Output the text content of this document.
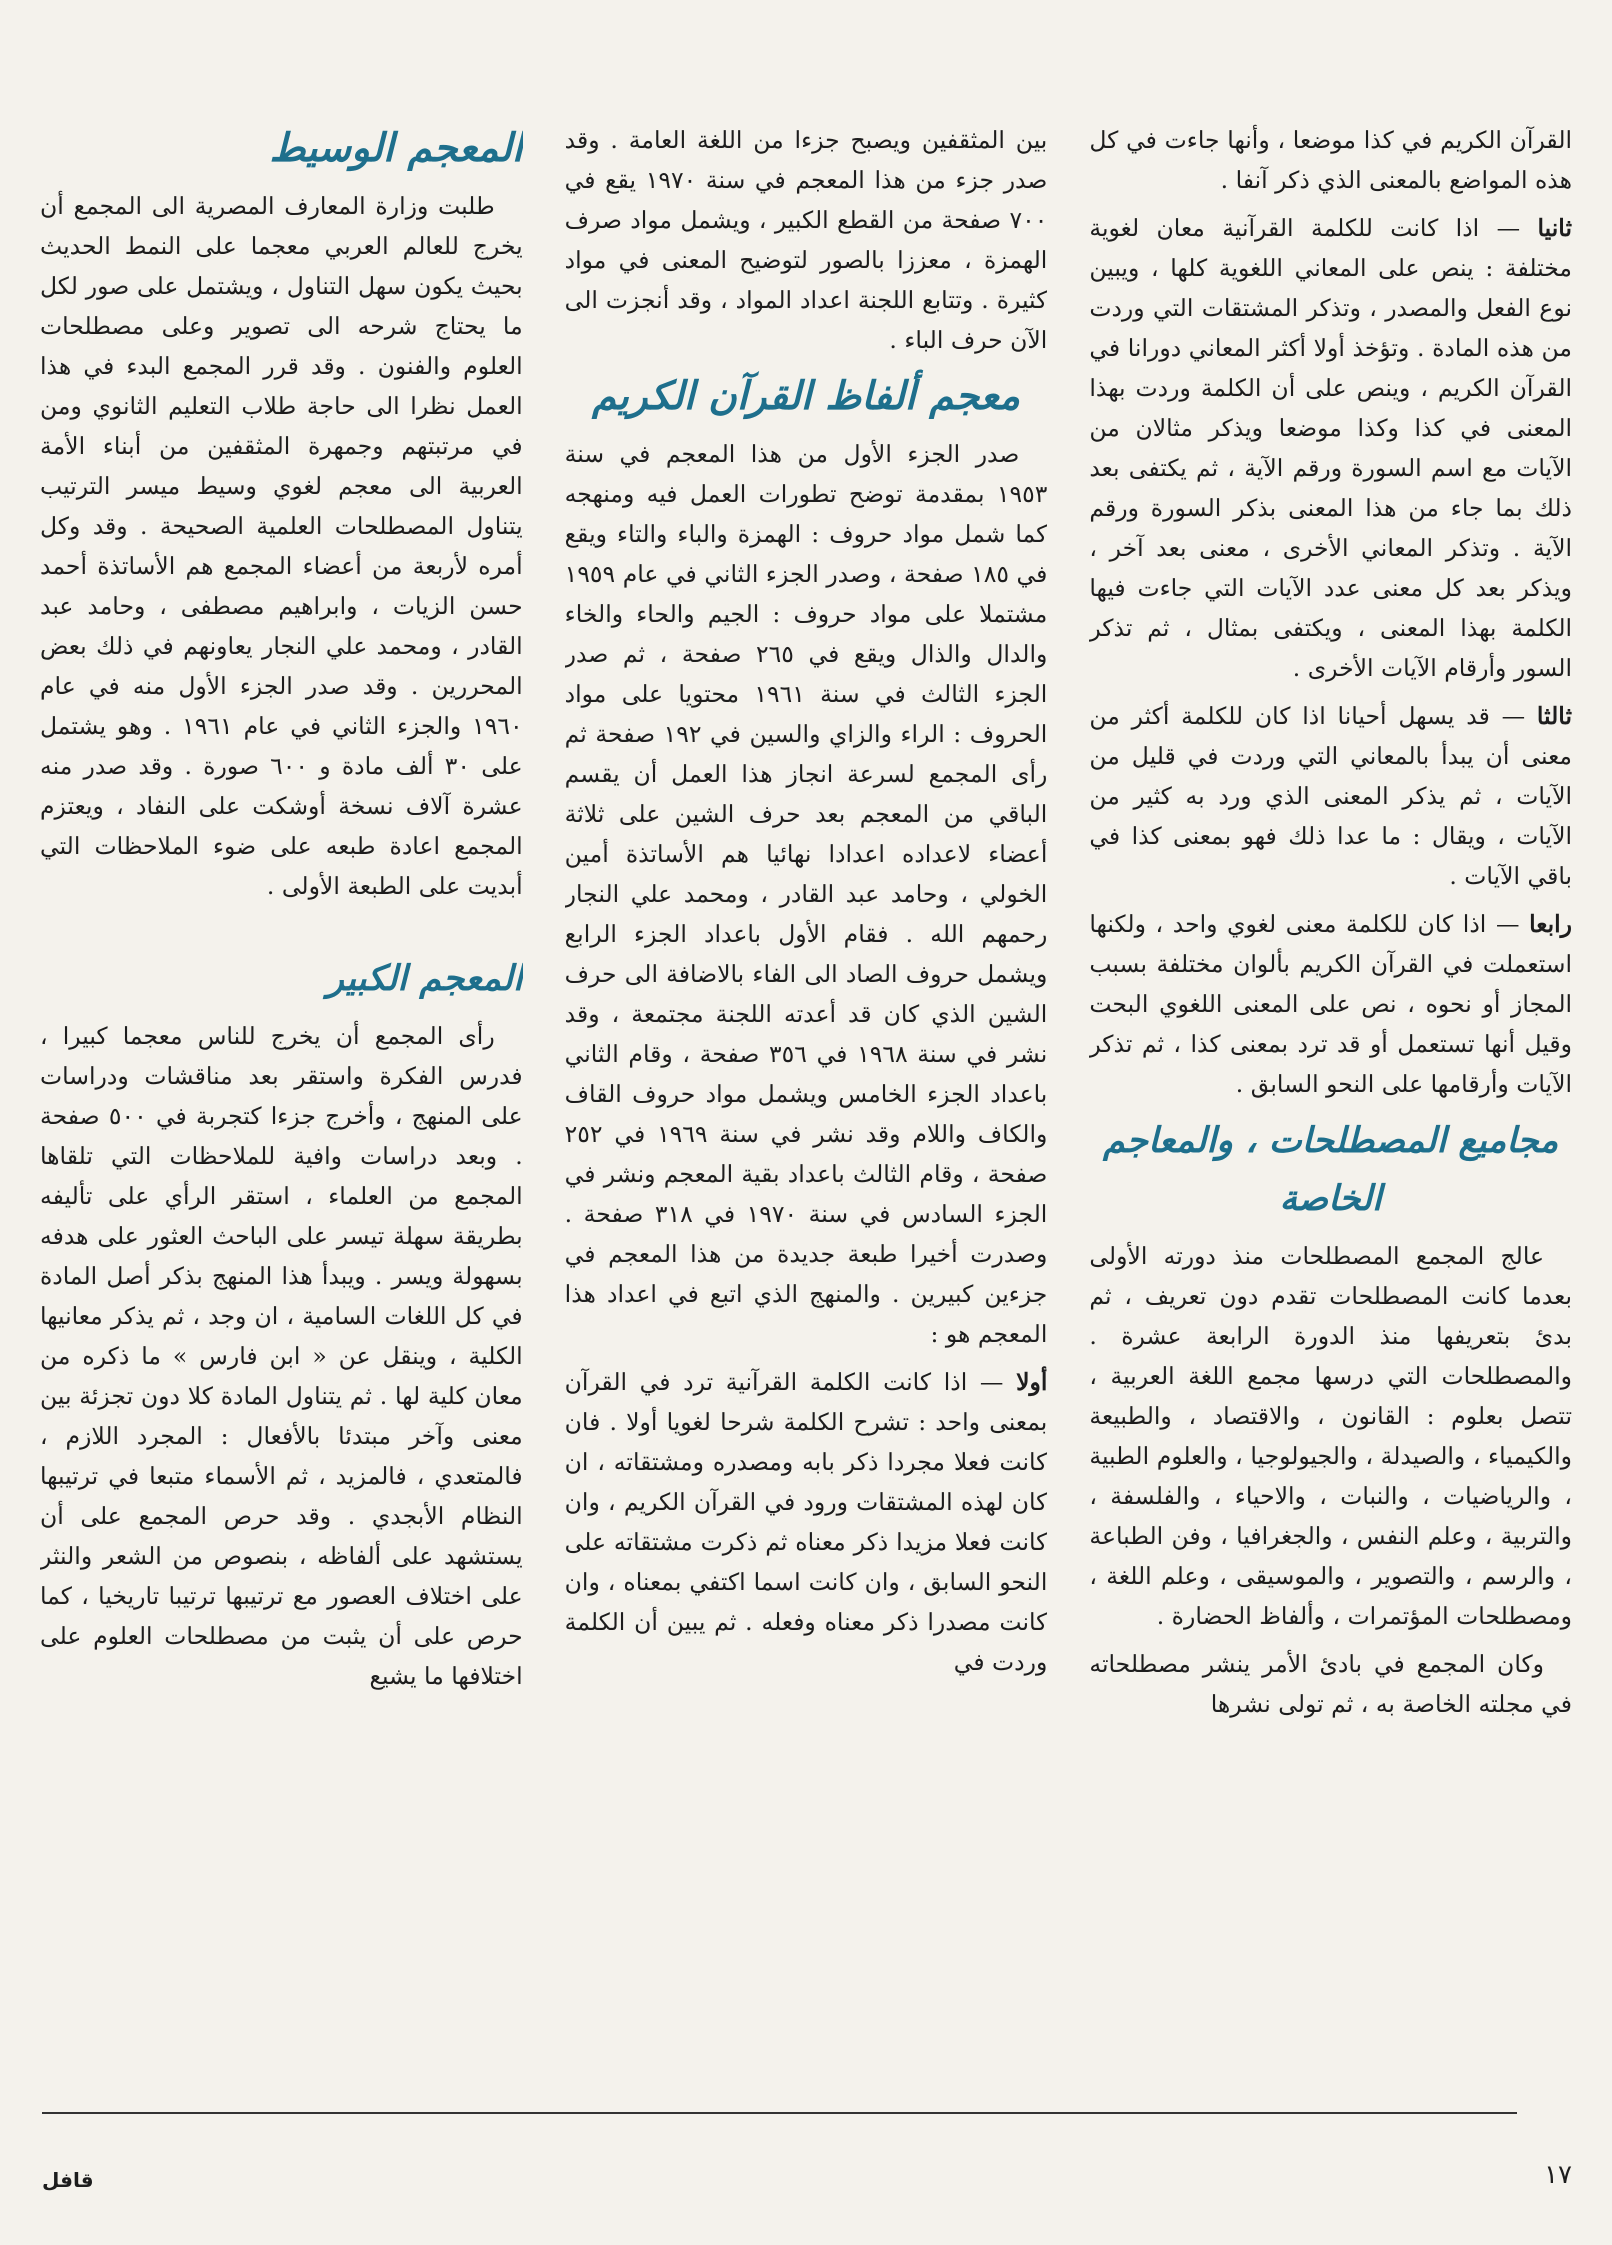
المعجم الوسيط

طلبت وزارة المعارف المصرية الى المجمع أن يخرج للعالم العربي معجما على النمط الحديث بحيث يكون سهل التناول ، ويشتمل على صور لكل ما يحتاج شرحه الى تصوير وعلى مصطلحات العلوم والفنون . وقد قرر المجمع البدء في هذا العمل نظرا الى حاجة طلاب التعليم الثانوي ومن في مرتبتهم وجمهرة المثقفين من أبناء الأمة العربية الى معجم لغوي وسيط ميسر الترتيب يتناول المصطلحات العلمية الصحيحة . وقد وكل أمره لأربعة من أعضاء المجمع هم الأساتذة أحمد حسن الزيات ، وابراهيم مصطفى ، وحامد عبد القادر ، ومحمد علي النجار يعاونهم في ذلك بعض المحررين . وقد صدر الجزء الأول منه في عام ١٩٦٠ والجزء الثاني في عام ١٩٦١ . وهو يشتمل على ٣٠ ألف مادة و ٦٠٠ صورة . وقد صدر منه عشرة آلاف نسخة أوشكت على النفاد ، ويعتزم المجمع اعادة طبعه على ضوء الملاحظات التي أبديت على الطبعة الأولى .

المعجم الكبير

رأى المجمع أن يخرج للناس معجما كبيرا ، فدرس الفكرة واستقر بعد مناقشات ودراسات على المنهج ، وأخرج جزءا كتجربة في ٥٠٠ صفحة . وبعد دراسات وافية للملاحظات التي تلقاها المجمع من العلماء ، استقر الرأي على تأليفه بطريقة سهلة تيسر على الباحث العثور على هدفه بسهولة ويسر . ويبدأ هذا المنهج بذكر أصل المادة في كل اللغات السامية ، ان وجد ، ثم يذكر معانيها الكلية ، وينقل عن « ابن فارس » ما ذكره من معان كلية لها . ثم يتناول المادة كلا دون تجزئة بين معنى وآخر مبتدئا بالأفعال : المجرد اللازم ، فالمتعدي ، فالمزيد ، ثم الأسماء متبعا في ترتيبها النظام الأبجدي . وقد حرص المجمع على أن يستشهد على ألفاظه ، بنصوص من الشعر والنثر على اختلاف العصور مع ترتيبها ترتيبا تاريخيا ، كما حرص على أن يثبت من مصطلحات العلوم على اختلافها ما يشيع

بين المثقفين ويصبح جزءا من اللغة العامة . وقد صدر جزء من هذا المعجم في سنة ١٩٧٠ يقع في ٧٠٠ صفحة من القطع الكبير ، ويشمل مواد صرف الهمزة ، معززا بالصور لتوضيح المعنى في مواد كثيرة . وتتابع اللجنة اعداد المواد ، وقد أنجزت الى الآن حرف الباء .

معجم ألفاظ القرآن الكريم

صدر الجزء الأول من هذا المعجم في سنة ١٩٥٣ بمقدمة توضح تطورات العمل فيه ومنهجه كما شمل مواد حروف : الهمزة والباء والتاء ويقع في ١٨٥ صفحة ، وصدر الجزء الثاني في عام ١٩٥٩ مشتملا على مواد حروف : الجيم والحاء والخاء والدال والذال ويقع في ٢٦٥ صفحة ، ثم صدر الجزء الثالث في سنة ١٩٦١ محتويا على مواد الحروف : الراء والزاي والسين في ١٩٢ صفحة ثم رأى المجمع لسرعة انجاز هذا العمل أن يقسم الباقي من المعجم بعد حرف الشين على ثلاثة أعضاء لاعداده اعدادا نهائيا هم الأساتذة أمين الخولي ، وحامد عبد القادر ، ومحمد علي النجار رحمهم الله . فقام الأول باعداد الجزء الرابع ويشمل حروف الصاد الى الفاء بالاضافة الى حرف الشين الذي كان قد أعدته اللجنة مجتمعة ، وقد نشر في سنة ١٩٦٨ في ٣٥٦ صفحة ، وقام الثاني باعداد الجزء الخامس ويشمل مواد حروف القاف والكاف واللام وقد نشر في سنة ١٩٦٩ في ٢٥٢ صفحة ، وقام الثالث باعداد بقية المعجم ونشر في الجزء السادس في سنة ١٩٧٠ في ٣١٨ صفحة . وصدرت أخيرا طبعة جديدة من هذا المعجم في جزءين كبيرين . والمنهج الذي اتبع في اعداد هذا المعجم هو :

أولا — اذا كانت الكلمة القرآنية ترد في القرآن بمعنى واحد : تشرح الكلمة شرحا لغويا أولا . فان كانت فعلا مجردا ذكر بابه ومصدره ومشتقاته ، ان كان لهذه المشتقات ورود في القرآن الكريم ، وان كانت فعلا مزيدا ذكر معناه ثم ذكرت مشتقاته على النحو السابق ، وان كانت اسما اكتفي بمعناه ، وان كانت مصدرا ذكر معناه وفعله . ثم يبين أن الكلمة وردت في

القرآن الكريم في كذا موضعا ، وأنها جاءت في كل هذه المواضع بالمعنى الذي ذكر آنفا .

ثانيا — اذا كانت للكلمة القرآنية معان لغوية مختلفة : ينص على المعاني اللغوية كلها ، ويبين نوع الفعل والمصدر ، وتذكر المشتقات التي وردت من هذه المادة . وتؤخذ أولا أكثر المعاني دورانا في القرآن الكريم ، وينص على أن الكلمة وردت بهذا المعنى في كذا وكذا موضعا ويذكر مثالان من الآيات مع اسم السورة ورقم الآية ، ثم يكتفى بعد ذلك بما جاء من هذا المعنى بذكر السورة ورقم الآية . وتذكر المعاني الأخرى ، معنى بعد آخر ، ويذكر بعد كل معنى عدد الآيات التي جاءت فيها الكلمة بهذا المعنى ، ويكتفى بمثال ، ثم تذكر السور وأرقام الآيات الأخرى .

ثالثا — قد يسهل أحيانا اذا كان للكلمة أكثر من معنى أن يبدأ بالمعاني التي وردت في قليل من الآيات ، ثم يذكر المعنى الذي ورد به كثير من الآيات ، ويقال : ما عدا ذلك فهو بمعنى كذا في باقي الآيات .

رابعا — اذا كان للكلمة معنى لغوي واحد ، ولكنها استعملت في القرآن الكريم بألوان مختلفة بسبب المجاز أو نحوه ، نص على المعنى اللغوي البحت وقيل أنها تستعمل أو قد ترد بمعنى كذا ، ثم تذكر الآيات وأرقامها على النحو السابق .

مجاميع المصطلحات ، والمعاجم الخاصة

عالج المجمع المصطلحات منذ دورته الأولى بعدما كانت المصطلحات تقدم دون تعريف ، ثم بدئ بتعريفها منذ الدورة الرابعة عشرة . والمصطلحات التي درسها مجمع اللغة العربية ، تتصل بعلوم : القانون ، والاقتصاد ، والطبيعة والكيمياء ، والصيدلة ، والجيولوجيا ، والعلوم الطبية ، والرياضيات ، والنبات ، والاحياء ، والفلسفة ، والتربية ، وعلم النفس ، والجغرافيا ، وفن الطباعة ، والرسم ، والتصوير ، والموسيقى ، وعلم اللغة ، ومصطلحات المؤتمرات ، وألفاظ الحضارة .

وكان المجمع في بادئ الأمر ينشر مصطلحاته في مجلته الخاصة به ، ثم تولى نشرها

١٧
قافل
